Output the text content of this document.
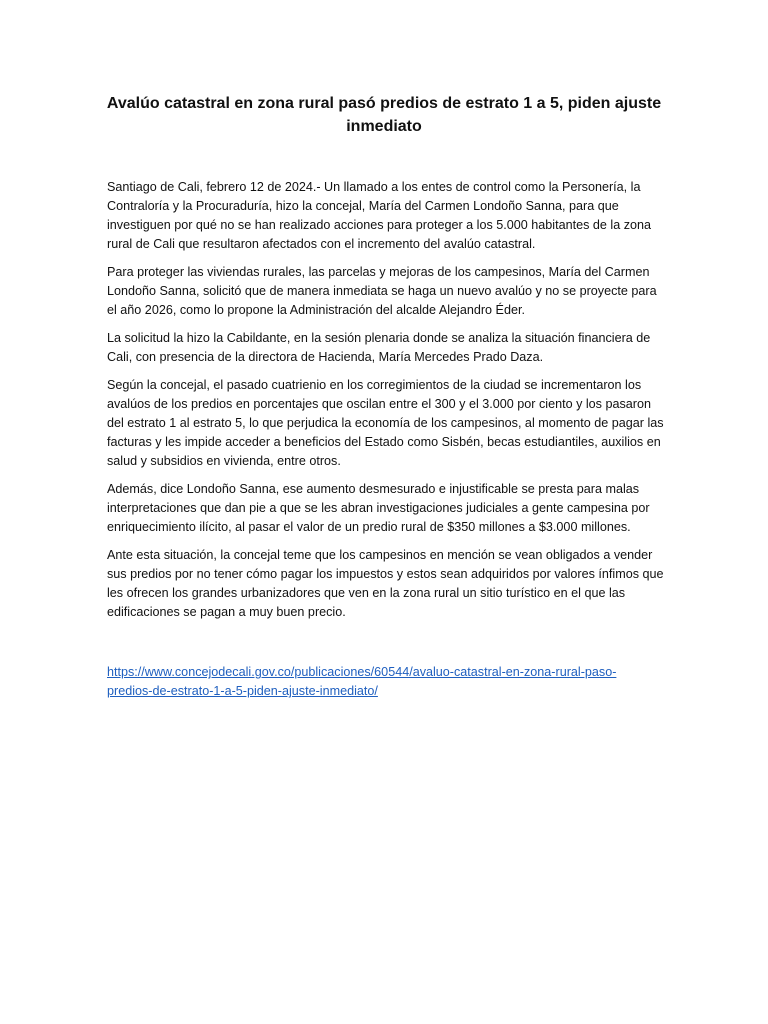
Avalúo catastral en zona rural pasó predios de estrato 1 a 5, piden ajuste
inmediato

Santiago de Cali, febrero 12 de 2024.- Un llamado a los entes de control como la Personería, la
Contraloría y la Procuraduría, hizo la concejal, María del Carmen Londoño Sanna, para que
investiguen por qué no se han realizado acciones para proteger a los 5.000 habitantes de la zona
rural de Cali que resultaron afectados con el incremento del avalúo catastral.

Para proteger las viviendas rurales, las parcelas y mejoras de los campesinos, María del Carmen
Londoño Sanna, solicitó que de manera inmediata se haga un nuevo avalúo y no se proyecte para
el año 2026, como lo propone la Administración del alcalde Alejandro Éder.

La solicitud la hizo la Cabildante, en la sesión plenaria donde se analiza la situación financiera de
Cali, con presencia de la directora de Hacienda, María Mercedes Prado Daza.

Según la concejal, el pasado cuatrienio en los corregimientos de la ciudad se incrementaron los
avalúos de los predios en porcentajes que oscilan entre el 300 y el 3.000 por ciento y los pasaron
del estrato 1 al estrato 5, lo que perjudica la economía de los campesinos, al momento de pagar las
facturas y les impide acceder a beneficios del Estado como Sisbén, becas estudiantiles, auxilios en
salud y subsidios en vivienda, entre otros.

Además, dice Londoño Sanna, ese aumento desmesurado e injustificable se presta para malas
interpretaciones que dan pie a que se les abran investigaciones judiciales a gente campesina por
enriquecimiento ilícito, al pasar el valor de un predio rural de $350 millones a $3.000 millones.

Ante esta situación, la concejal teme que los campesinos en mención se vean obligados a vender
sus predios por no tener cómo pagar los impuestos y estos sean adquiridos por valores ínfimos que
les ofrecen los grandes urbanizadores que ven en la zona rural un sitio turístico en el que las
edificaciones se pagan a muy buen precio.

https://www.concejodecali.gov.co/publicaciones/60544/avaluo-catastral-en-zona-rural-paso-
predios-de-estrato-1-a-5-piden-ajuste-inmediato/
